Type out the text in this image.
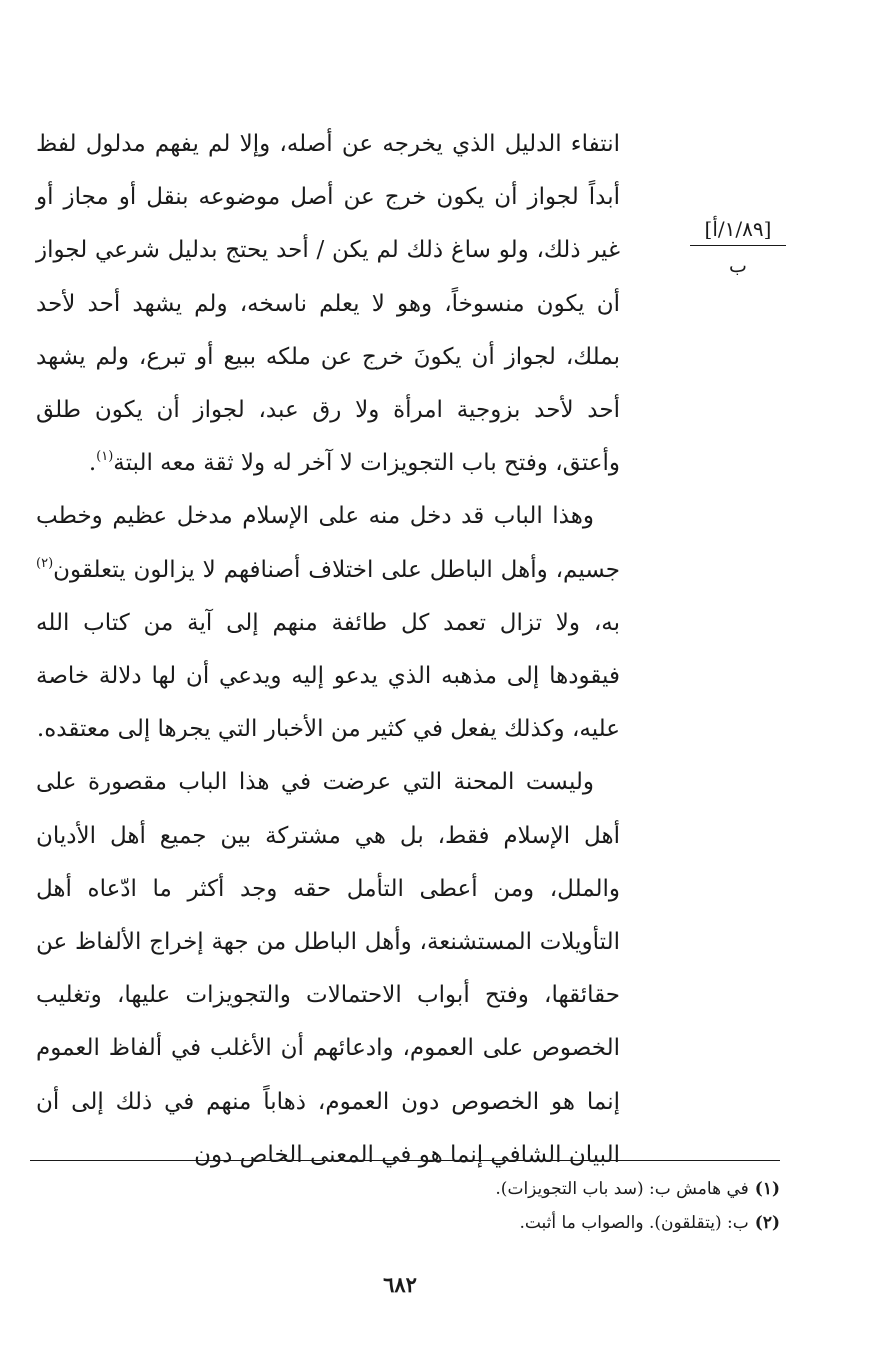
[١/٨٩/أ]
ب

انتفاء الدليل الذي يخرجه عن أصله، وإلا لم يفهم مدلول لفظ أبداً لجواز أن يكون خرج عن أصل موضوعه بنقل أو مجاز أو غير ذلك، ولو ساغ ذلك لم يكن / أحد يحتج بدليل شرعي لجواز أن يكون منسوخاً، وهو لا يعلم ناسخه، ولم يشهد أحد لأحد بملك، لجواز أن يكونَ خرج عن ملكه ببيع أو تبرع، ولم يشهد أحد لأحد بزوجية امرأة ولا رق عبد، لجواز أن يكون طلق وأعتق، وفتح باب التجويزات لا آخر له ولا ثقة معه البتة$^{(١)}$.

وهذا الباب قد دخل منه على الإسلام مدخل عظيم وخطب جسيم، وأهل الباطل على اختلاف أصنافهم لا يزالون يتعلقون$^{(٢)}$ به، ولا تزال تعمد كل طائفة منهم إلى آية من كتاب الله فيقودها إلى مذهبه الذي يدعو إليه ويدعي أن لها دلالة خاصة عليه، وكذلك يفعل في كثير من الأخبار التي يجرها إلى معتقده.

وليست المحنة التي عرضت في هذا الباب مقصورة على أهل الإسلام فقط، بل هي مشتركة بين جميع أهل الأديان والملل، ومن أعطى التأمل حقه وجد أكثر ما ادّعاه أهل التأويلات المستشنعة، وأهل الباطل من جهة إخراج الألفاظ عن حقائقها، وفتح أبواب الاحتمالات والتجويزات عليها، وتغليب الخصوص على العموم، وادعائهم أن الأغلب في ألفاظ العموم إنما هو الخصوص دون العموم، ذهاباً منهم في ذلك إلى أن البيان الشافي إنما هو في المعنى الخاص دون

(١)في هامش ب: (سد باب التجويزات).
(٢)ب: (يتقلقون). والصواب ما أثبت.
٦٨٢
